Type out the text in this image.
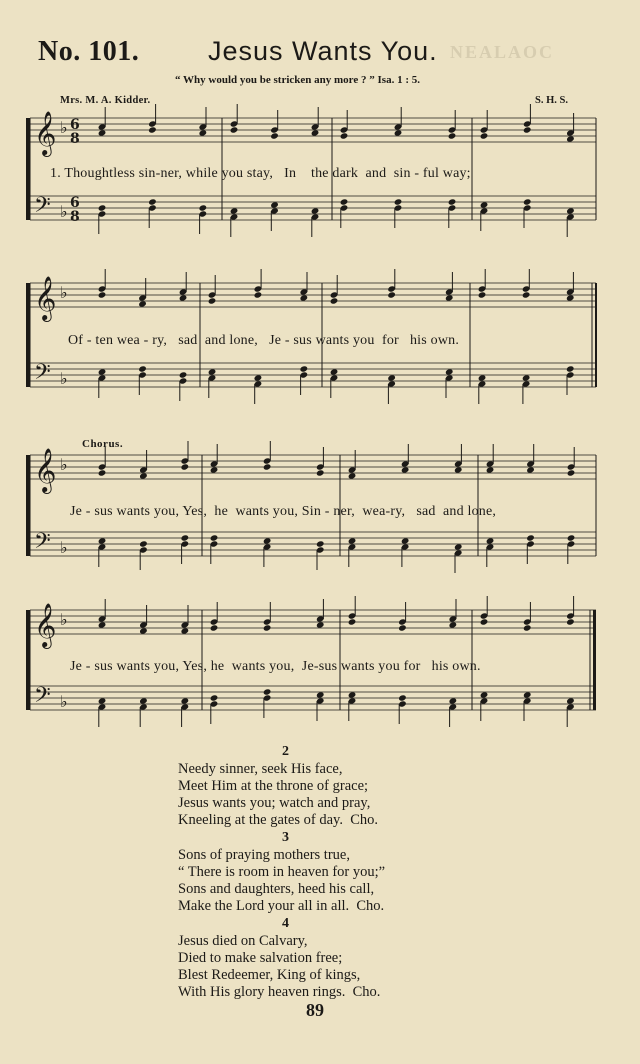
NEALAOC
No. 101.	Jesus Wants You.
“ Why would you be stricken any more ? ” Isa. 1 : 5.
Mrs. M. A. Kidder.	S. H. S.
𝄞 ♭ 6
8
𝄢 ♭ 6
8
𝄞 ♭
𝄢 ♭
𝄞 ♭
𝄢 ♭
𝄞 ♭
𝄢 ♭
1. Thoughtless sin-ner, while you stay,   In    the dark  and  sin - ful way;
Of - ten wea - ry,   sad  and lone,   Je - sus wants you  for   his own.
Chorus.
Je - sus wants you, Yes,  he  wants you, Sin - ner,  wea-ry,   sad  and lone,
Je - sus wants you, Yes, he  wants you,  Je-sus wants you for   his own.
2
Needy sinner, seek His face,
Meet Him at the throne of grace;
Jesus wants you; watch and pray,
Kneeling at the gates of day.  Cho.
3
Sons of praying mothers true,
“ There is room in heaven for you;”
Sons and daughters, heed his call,
Make the Lord your all in all.  Cho.
4
Jesus died on Calvary,
Died to make salvation free;
Blest Redeemer, King of kings,
With His glory heaven rings.  Cho.
89
